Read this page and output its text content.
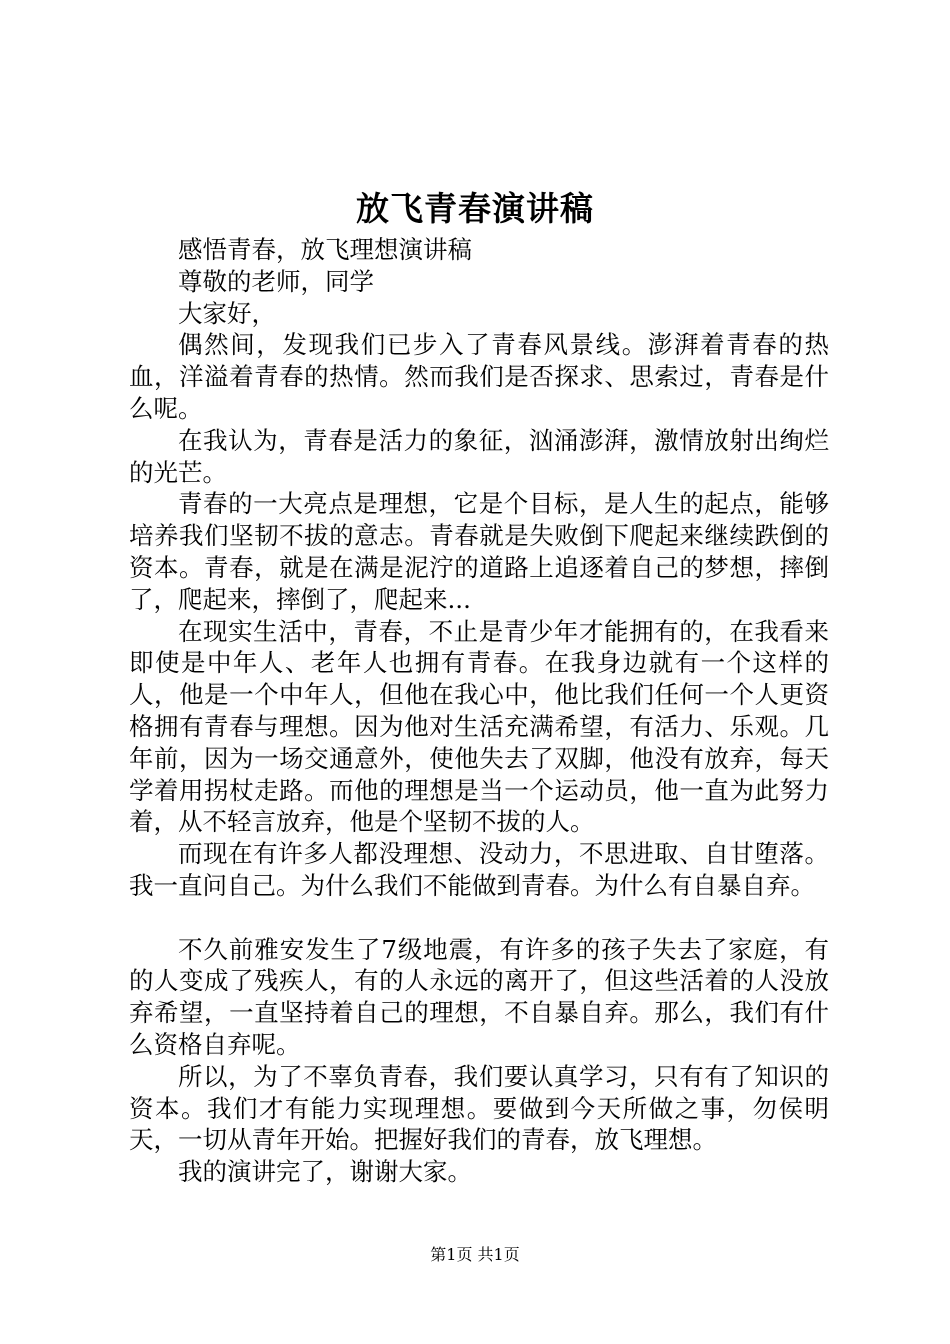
放飞青春演讲稿

感悟青春，放飞理想演讲稿

尊敬的老师，同学

大家好，

偶然间，发现我们已步入了青春风景线。澎湃着青春的热血，洋溢着青春的热情。然而我们是否探求、思索过，青春是什么呢。

在我认为，青春是活力的象征，汹涌澎湃，激情放射出绚烂的光芒。

青春的一大亮点是理想，它是个目标，是人生的起点，能够培养我们坚韧不拔的意志。青春就是失败倒下爬起来继续跌倒的资本。青春，就是在满是泥泞的道路上追逐着自己的梦想，摔倒了，爬起来，摔倒了，爬起来...

在现实生活中，青春，不止是青少年才能拥有的，在我看来即使是中年人、老年人也拥有青春。在我身边就有一个这样的人，他是一个中年人，但他在我心中，他比我们任何一个人更资格拥有青春与理想。因为他对生活充满希望，有活力、乐观。几年前，因为一场交通意外，使他失去了双脚，他没有放弃，每天学着用拐杖走路。而他的理想是当一个运动员，他一直为此努力着，从不轻言放弃，他是个坚韧不拔的人。

而现在有许多人都没理想、没动力，不思进取、自甘堕落。我一直问自己。为什么我们不能做到青春。为什么有自暴自弃。

不久前雅安发生了7级地震，有许多的孩子失去了家庭，有的人变成了残疾人，有的人永远的离开了，但这些活着的人没放弃希望，一直坚持着自己的理想，不自暴自弃。那么，我们有什么资格自弃呢。

所以，为了不辜负青春，我们要认真学习，只有有了知识的资本。我们才有能力实现理想。要做到今天所做之事，勿侯明天，一切从青年开始。把握好我们的青春，放飞理想。

我的演讲完了，谢谢大家。

第1页 共1页
